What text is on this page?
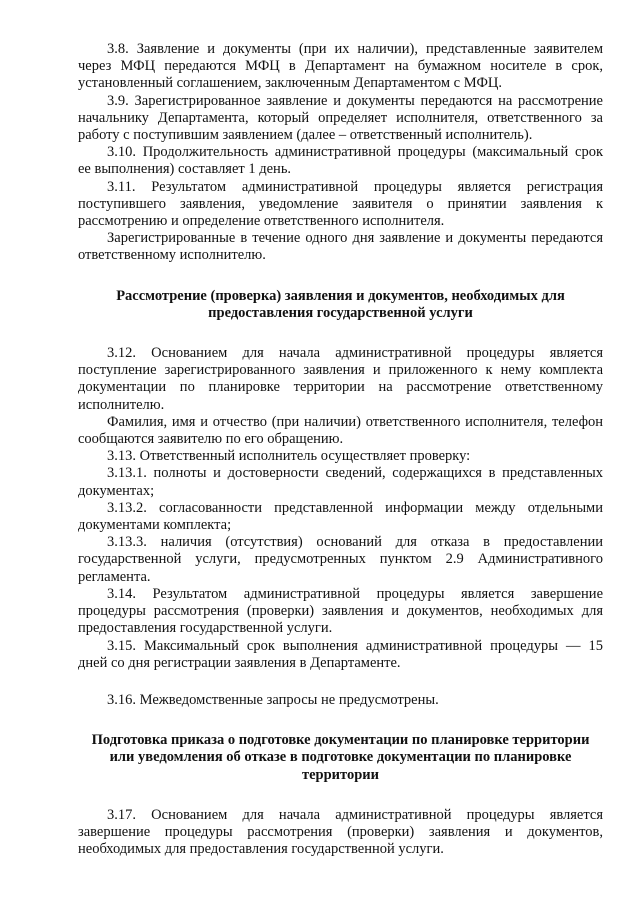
3.8. Заявление и документы (при их наличии), представленные заявителем через МФЦ передаются МФЦ в Департамент на бумажном носителе в срок, установленный соглашением, заключенным Департаментом с МФЦ.

3.9. Зарегистрированное заявление и документы передаются на рассмотрение начальнику Департамента, который определяет исполнителя, ответственного за работу с поступившим заявлением (далее – ответственный исполнитель).

3.10. Продолжительность административной процедуры (максимальный срок ее выполнения) составляет 1 день.

3.11. Результатом административной процедуры является регистрация поступившего заявления, уведомление заявителя о принятии заявления к рассмотрению и определение ответственного исполнителя.

Зарегистрированные в течение одного дня заявление и документы передаются ответственному исполнителю.

Рассмотрение (проверка) заявления и документов, необходимых для предоставления государственной услуги

3.12. Основанием для начала административной процедуры является поступление зарегистрированного заявления и приложенного к нему комплекта документации по планировке территории на рассмотрение ответственному исполнителю.

Фамилия, имя и отчество (при наличии) ответственного исполнителя, телефон сообщаются заявителю по его обращению.

3.13. Ответственный исполнитель осуществляет проверку:

3.13.1. полноты и достоверности сведений, содержащихся в представленных документах;

3.13.2. согласованности представленной информации между отдельными документами комплекта;

3.13.3. наличия (отсутствия) оснований для отказа в предоставлении государственной услуги, предусмотренных пунктом 2.9 Административного регламента.

3.14. Результатом административной процедуры является завершение процедуры рассмотрения (проверки) заявления и документов, необходимых для предоставления государственной услуги.

3.15. Максимальный срок выполнения административной процедуры — 15 дней со дня регистрации заявления в Департаменте.

3.16. Межведомственные запросы не предусмотрены.

Подготовка приказа о подготовке документации по планировке территории или уведомления об отказе в подготовке документации по планировке территории

3.17. Основанием для начала административной процедуры является завершение процедуры рассмотрения (проверки) заявления и документов, необходимых для предоставления государственной услуги.
